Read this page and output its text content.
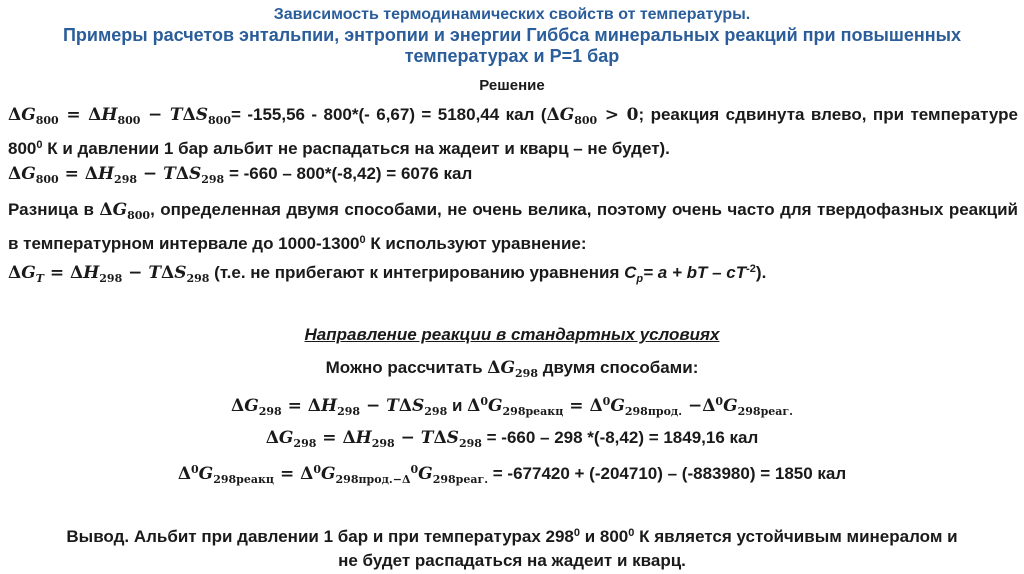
Зависимость термодинамических свойств от температуры.
Примеры расчетов энтальпии, энтропии и энергии Гиббса минеральных реакций при повышенных
температурах и Р=1 бар
Решение
$\Delta G_{800} = \Delta H_{800} - T\Delta S_{800}= -155,56 - 800*(-$ 6,67) = 5180,44 кал ($\Delta G_{800} > 0$; реакция сдвинута влево, при температуре $800^0$ К и давлении 1 бар альбит не распадаться на жадеит и кварц – не будет).
$\Delta G_{800} = \Delta H_{298} - T\Delta S_{298} = -660 - 800*(-8,42) = 6076$ кал
Разница в $\Delta G_{800}$, определенная двумя способами, не очень велика, поэтому очень часто для твердофазных реакций в температурном интервале до 1000-1300$^0$ К используют уравнение:
$\Delta G_T = \Delta H_{298} - T\Delta S_{298}$ (т.е. не прибегают к интегрированию уравнения $C_p= a$ + bT – $cT^{-2}$).
Направление реакции в стандартных условиях
Можно рассчитать $\Delta G_{298}$ двумя способами:
$\Delta G_{298} = \Delta H_{298} - T\Delta S_{298}$ и $\Delta^0G_{298реакц} = \Delta^0G_{298прод.} -\Delta^0G_{298реаг.}$
$\Delta G_{298} = \Delta H_{298} - T\Delta S_{298} = -660 - 298$ *(-8,42) = 1849,16 кал
$\Delta^0G_{298реакц} = \Delta^0G_{298прод.-\Delta}^0G_{298реаг.} = -677420 + (-204710) - (-883980) = 1850$ кал
Вывод. Альбит при давлении 1 бар и при температурах $298^0$ и $800^0$ К является устойчивым минералом и
не будет распадаться на жадеит и кварц.
